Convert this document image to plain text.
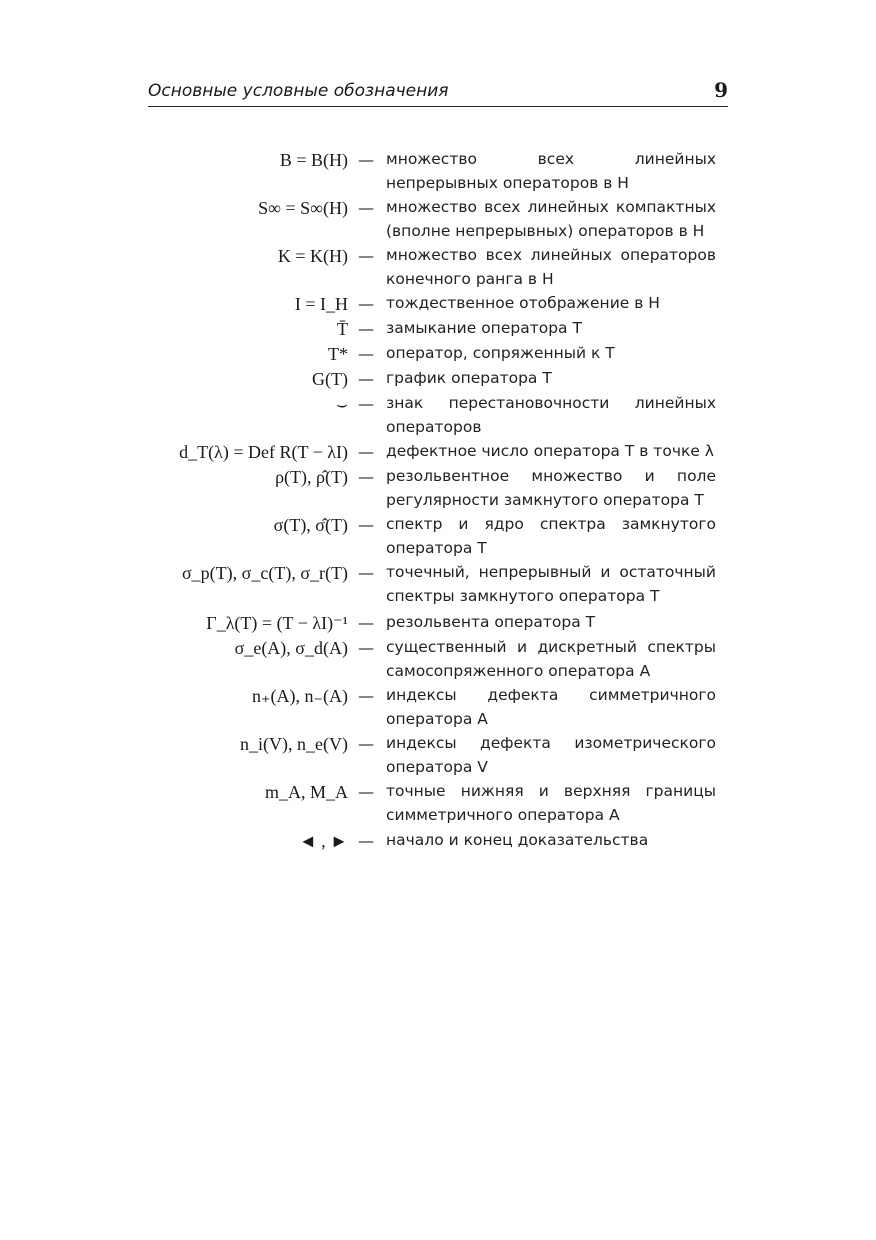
Основные условные обозначения	9
B = B(H) — множество всех линейных непрерывных операторов в H
S∞ = S∞(H) — множество всех линейных компактных (вполне непрерывных) операторов в H
K = K(H) — множество всех линейных операторов конечного ранга в H
I = I_H — тождественное отображение в H
T̄ — замыкание оператора T
T* — оператор, сопряженный к T
G(T) — график оператора T
⌣ — знак перестановочности линейных операторов
d_T(λ) = Def R(T − λI) — дефектное число оператора T в точке λ
ρ(T), ρ̂(T) — резольвентное множество и поле регулярности замкнутого оператора T
σ(T), σ̂(T) — спектр и ядро спектра замкнутого оператора T
σ_p(T), σ_c(T), σ_r(T) — точечный, непрерывный и остаточный спектры замкнутого оператора T
Γ_λ(T) = (T − λI)⁻¹ — резольвента оператора T
σ_e(A), σ_d(A) — существенный и дискретный спектры самосопряженного оператора A
n₊(A), n₋(A) — индексы дефекта симметричного оператора A
n_i(V), n_e(V) — индексы дефекта изометрического оператора V
m_A, M_A — точные нижняя и верхняя границы симметричного оператора A
◄ , ► — начало и конец доказательства
